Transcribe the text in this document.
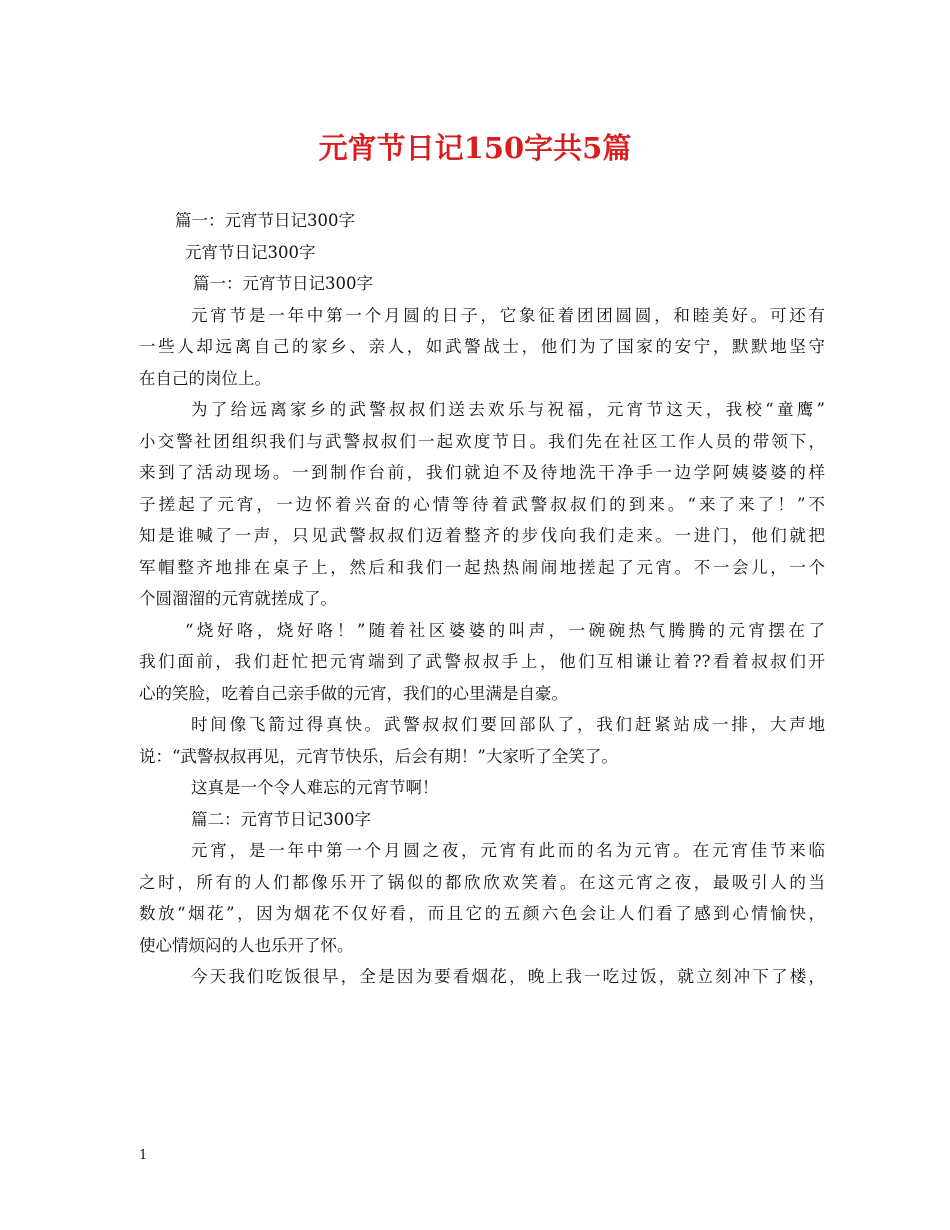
元宵节日记150字共5篇
篇一：元宵节日记300字
元宵节日记300字
篇一：元宵节日记300字
元宵节是一年中第一个月圆的日子，它象征着团团圆圆，和睦美好。可还有
一些人却远离自己的家乡、亲人，如武警战士，他们为了国家的安宁，默默地坚守
在自己的岗位上。
为了给远离家乡的武警叔叔们送去欢乐与祝福，元宵节这天，我校“童鹰”
小交警社团组织我们与武警叔叔们一起欢度节日。我们先在社区工作人员的带领下，
来到了活动现场。一到制作台前，我们就迫不及待地洗干净手一边学阿姨婆婆的样
子搓起了元宵，一边怀着兴奋的心情等待着武警叔叔们的到来。“来了来了！”不
知是谁喊了一声，只见武警叔叔们迈着整齐的步伐向我们走来。一进门，他们就把
军帽整齐地排在桌子上，然后和我们一起热热闹闹地搓起了元宵。不一会儿，一个
个圆溜溜的元宵就搓成了。
“烧好咯，烧好咯！”随着社区婆婆的叫声，一碗碗热气腾腾的元宵摆在了
我们面前，我们赶忙把元宵端到了武警叔叔手上，他们互相谦让着??看着叔叔们开
心的笑脸，吃着自己亲手做的元宵，我们的心里满是自豪。
时间像飞箭过得真快。武警叔叔们要回部队了，我们赶紧站成一排，大声地
说：“武警叔叔再见，元宵节快乐，后会有期！”大家听了全笑了。
这真是一个令人难忘的元宵节啊！
篇二：元宵节日记300字
元宵，是一年中第一个月圆之夜，元宵有此而的名为元宵。在元宵佳节来临
之时，所有的人们都像乐开了锅似的都欣欣欢笑着。在这元宵之夜，最吸引人的当
数放“烟花”，因为烟花不仅好看，而且它的五颜六色会让人们看了感到心情愉快，
使心情烦闷的人也乐开了怀。
今天我们吃饭很早，全是因为要看烟花，晚上我一吃过饭，就立刻冲下了楼，
1
